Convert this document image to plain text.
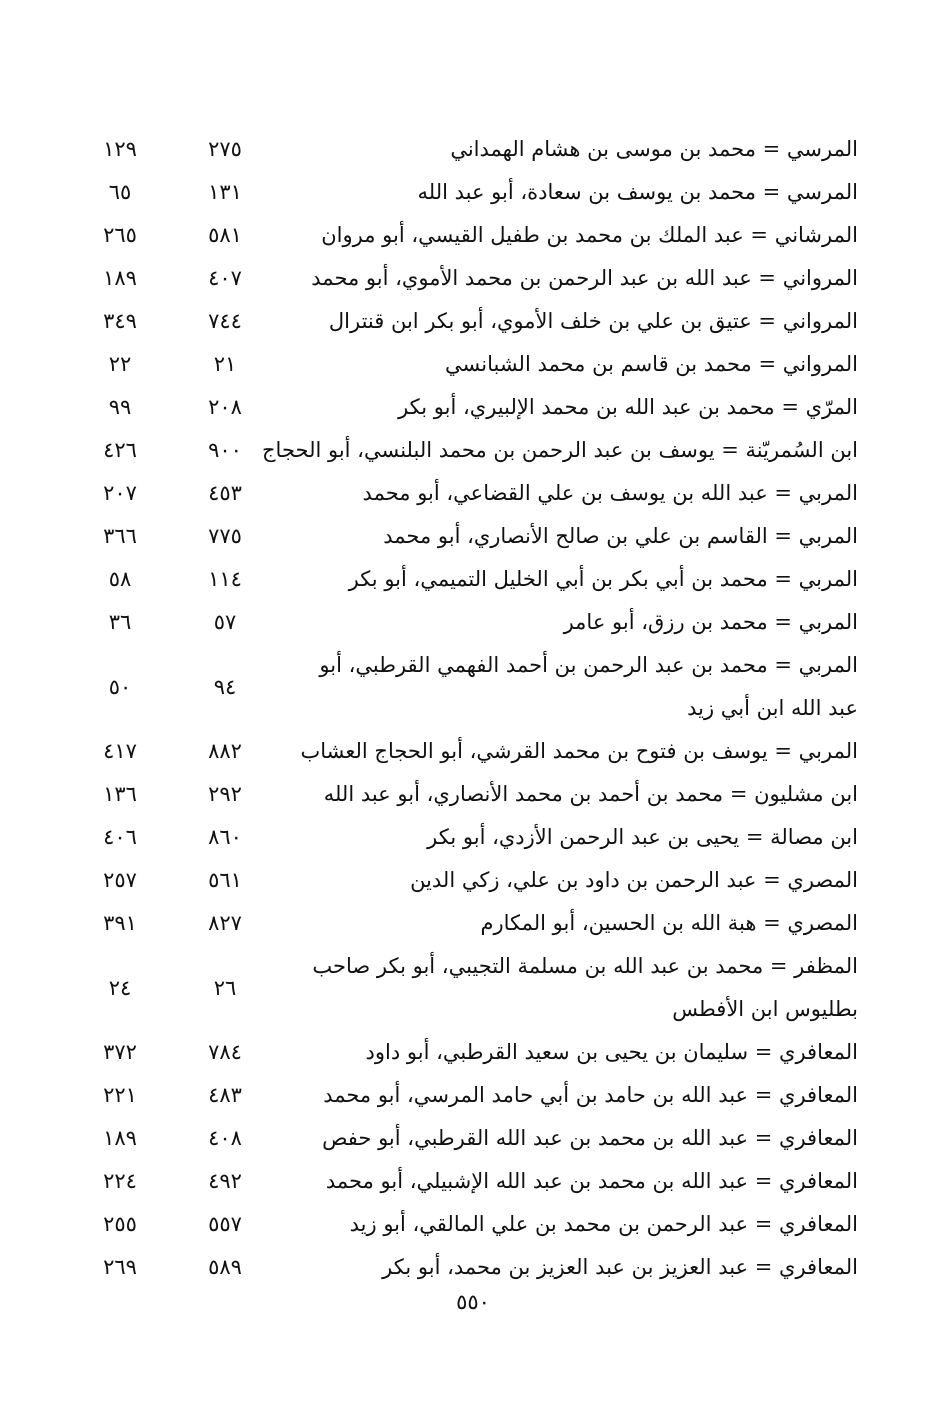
المرسي = محمد بن موسى بن هشام الهمداني
٢٧٥
١٢٩
المرسي = محمد بن يوسف بن سعادة، أبو عبد الله
١٣١
٦٥
المرشاني = عبد الملك بن محمد بن طفيل القيسي، أبو مروان
٥٨١
٢٦٥
المرواني = عبد الله بن عبد الرحمن بن محمد الأموي، أبو محمد
٤٠٧
١٨٩
المرواني = عتيق بن علي بن خلف الأموي، أبو بكر ابن قنترال
٧٤٤
٣٤٩
المرواني = محمد بن قاسم بن محمد الشبانسي
٢١
٢٢
المرّي = محمد بن عبد الله بن محمد الإلبيري، أبو بكر
٢٠٨
٩٩
ابن السُمريّنة = يوسف بن عبد الرحمن بن محمد البلنسي، أبو الحجاج
٩٠٠
٤٢٦
المربي = عبد الله بن يوسف بن علي القضاعي، أبو محمد
٤٥٣
٢٠٧
المربي = القاسم بن علي بن صالح الأنصاري، أبو محمد
٧٧٥
٣٦٦
المربي = محمد بن أبي بكر بن أبي الخليل التميمي، أبو بكر
١١٤
٥٨
المربي = محمد بن رزق، أبو عامر
٥٧
٣٦
المربي = محمد بن عبد الرحمن بن أحمد الفهمي القرطبي، أبو عبد الله ابن أبي زيد
٩٤
٥٠
المربي = يوسف بن فتوح بن محمد القرشي، أبو الحجاج العشاب
٨٨٢
٤١٧
ابن مشليون = محمد بن أحمد بن محمد الأنصاري، أبو عبد الله
٢٩٢
١٣٦
ابن مصالة = يحيى بن عبد الرحمن الأزدي، أبو بكر
٨٦٠
٤٠٦
المصري = عبد الرحمن بن داود بن علي، زكي الدين
٥٦١
٢٥٧
المصري = هبة الله بن الحسين، أبو المكارم
٨٢٧
٣٩١
المظفر = محمد بن عبد الله بن مسلمة التجيبي، أبو بكر صاحب بطليوس ابن الأفطس
٢٦
٢٤
المعافري = سليمان بن يحيى بن سعيد القرطبي، أبو داود
٧٨٤
٣٧٢
المعافري = عبد الله بن حامد بن أبي حامد المرسي، أبو محمد
٤٨٣
٢٢١
المعافري = عبد الله بن محمد بن عبد الله القرطبي، أبو حفص
٤٠٨
١٨٩
المعافري = عبد الله بن محمد بن عبد الله الإشبيلي، أبو محمد
٤٩٢
٢٢٤
المعافري = عبد الرحمن بن محمد بن علي المالقي، أبو زيد
٥٥٧
٢٥٥
المعافري = عبد العزيز بن عبد العزيز بن محمد، أبو بكر
٥٨٩
٢٦٩
٥٥٠
